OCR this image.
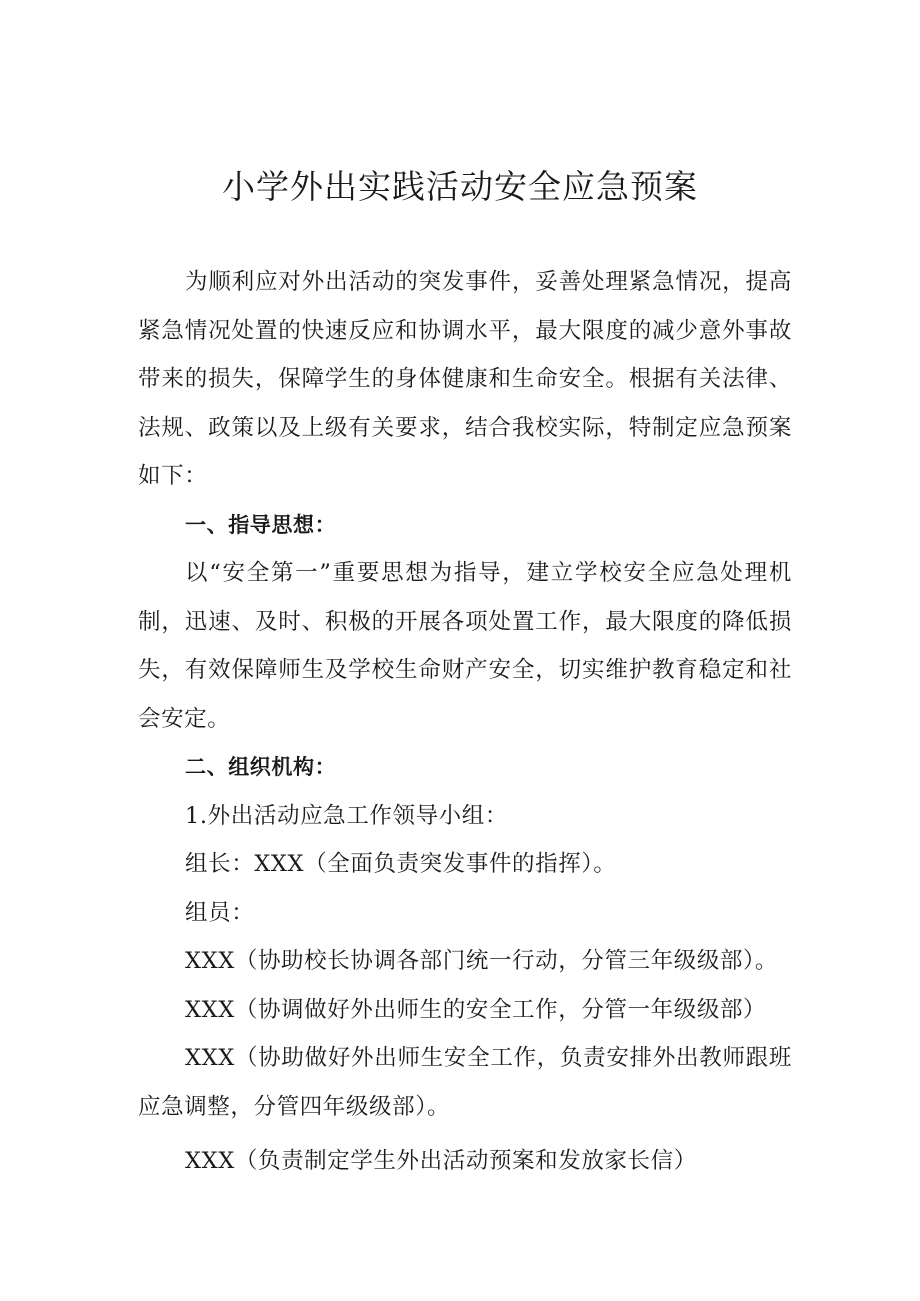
小学外出实践活动安全应急预案

为顺利应对外出活动的突发事件，妥善处理紧急情况，提高紧急情况处置的快速反应和协调水平，最大限度的减少意外事故带来的损失，保障学生的身体健康和生命安全。根据有关法律、法规、政策以及上级有关要求，结合我校实际，特制定应急预案如下：

一、指导思想：

以“安全第一”重要思想为指导，建立学校安全应急处理机制，迅速、及时、积极的开展各项处置工作，最大限度的降低损失，有效保障师生及学校生命财产安全，切实维护教育稳定和社会安定。

二、组织机构：

1.外出活动应急工作领导小组：

组长：XXX（全面负责突发事件的指挥）。

组员：

XXX（协助校长协调各部门统一行动，分管三年级级部）。

XXX（协调做好外出师生的安全工作，分管一年级级部）

XXX（协助做好外出师生安全工作，负责安排外出教师跟班应急调整，分管四年级级部）。

XXX（负责制定学生外出活动预案和发放家长信）
